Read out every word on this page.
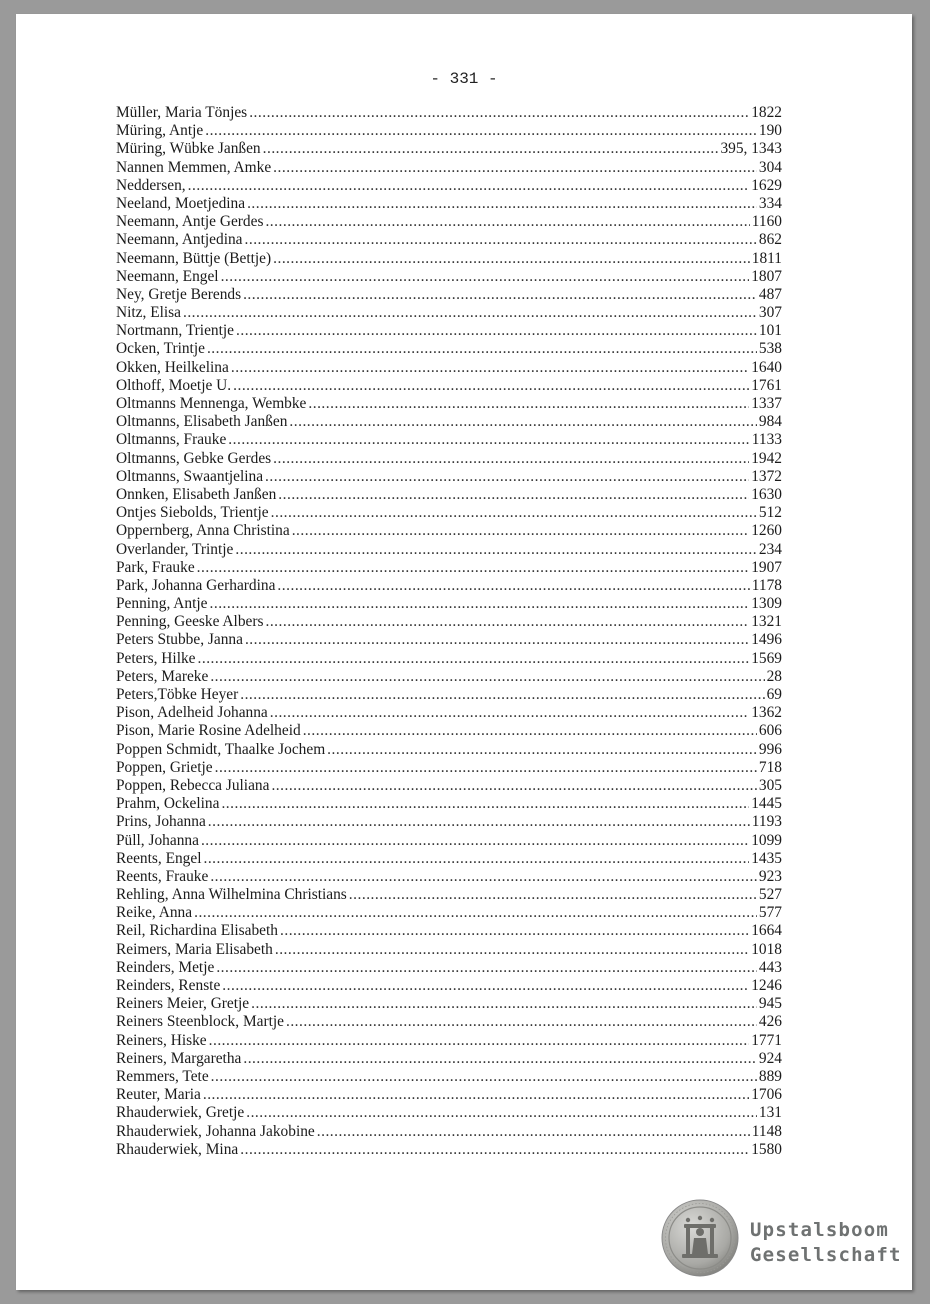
- 331 -
Müller, Maria Tönjes .....	1822
Müring, Antje .....	190
Müring, Wübke Janßen .....	395, 1343
Nannen Memmen, Amke .....	304
Neddersen, .....	1629
Neeland, Moetjedina .....	334
Neemann, Antje Gerdes .....	1160
Neemann, Antjedina .....	862
Neemann, Büttje (Bettje) .....	1811
Neemann, Engel .....	1807
Ney, Gretje Berends .....	487
Nitz, Elisa .....	307
Nortmann, Trientje .....	101
Ocken, Trintje .....	538
Okken, Heilkelina .....	1640
Olthoff, Moetje U. .....	1761
Oltmanns Mennenga, Wembke .....	1337
Oltmanns, Elisabeth Janßen .....	984
Oltmanns, Frauke .....	1133
Oltmanns, Gebke Gerdes .....	1942
Oltmanns, Swaantjelina .....	1372
Onnken, Elisabeth Janßen .....	1630
Ontjes Siebolds, Trientje .....	512
Oppernberg, Anna Christina .....	1260
Overlander, Trintje .....	234
Park, Frauke .....	1907
Park, Johanna Gerhardina .....	1178
Penning, Antje .....	1309
Penning, Geeske Albers .....	1321
Peters Stubbe, Janna .....	1496
Peters, Hilke .....	1569
Peters, Mareke .....	28
Peters,Töbke Heyer .....	69
Pison, Adelheid Johanna .....	1362
Pison, Marie Rosine Adelheid .....	606
Poppen Schmidt, Thaalke Jochem .....	996
Poppen, Grietje .....	718
Poppen, Rebecca Juliana .....	305
Prahm, Ockelina .....	1445
Prins, Johanna .....	1193
Püll, Johanna .....	1099
Reents, Engel .....	1435
Reents, Frauke .....	923
Rehling, Anna Wilhelmina Christians .....	527
Reike, Anna .....	577
Reil, Richardina Elisabeth .....	1664
Reimers, Maria Elisabeth .....	1018
Reinders, Metje .....	443
Reinders, Renste .....	1246
Reiners Meier, Gretje .....	945
Reiners Steenblock, Martje .....	426
Reiners, Hiske .....	1771
Reiners, Margaretha .....	924
Remmers, Tete .....	889
Reuter, Maria .....	1706
Rhauderwiek, Gretje .....	131
Rhauderwiek, Johanna Jakobine .....	1148
Rhauderwiek, Mina .....	1580
Upstalsboom
Gesellschaft
